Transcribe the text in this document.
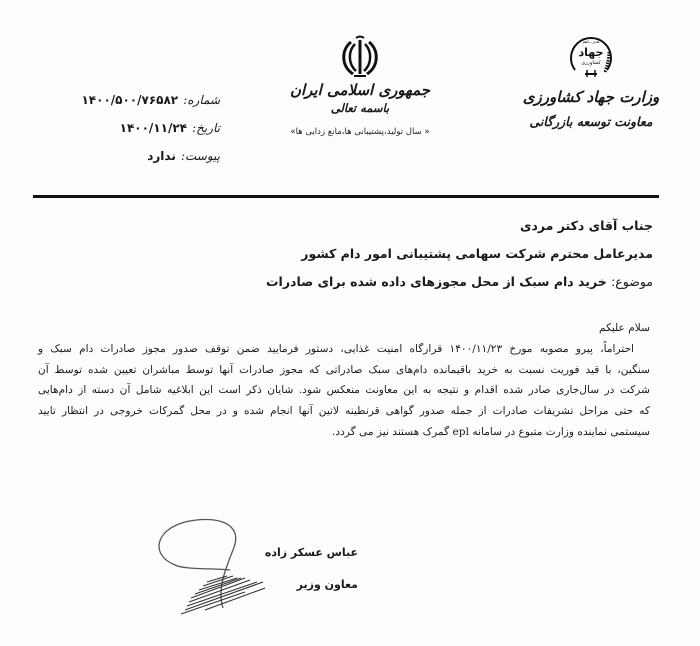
هدف باهم
جهاد
کشاورزی
وزارت جهاد کشاورزی
معاونت توسعه بازرگانی
جمهوری اسلامی ایران
باسمه تعالی
« سال تولید،پشتیبانی ها،مانع زدایی ها»
شماره: ۱۴۰۰/۵۰۰/۷۶۵۸۲
تاریخ: ۱۴۰۰/۱۱/۲۴
پیوست: ندارد
جناب آقای دکتر مردی
مدیرعامل محترم شرکت سهامی پشتیبانی امور دام کشور
موضوع: خرید دام سبک از محل مجوزهای داده شده برای صادرات
سلام علیکم
احتراماً، پیرو مصوبه مورخ ۱۴۰۰/۱۱/۲۳ قرارگاه امنیت غذایی، دستور فرمایید ضمن توقف صدور مجوز صادرات دام سبک و
سنگین، با قید فوریت نسبت به خرید باقیمانده دام‌های سبک صادراتی که مجوز صادرات آنها توسط مباشران تعیین شده توسط آن
شرکت در سال‌جاری صادر شده اقدام و نتیجه به این معاونت منعکس شود. شایان ذکر است این ابلاغیه شامل آن دسته از دام‌هایی
که حتی مراحل تشریفات صادرات از جمله صدور گواهی قرنطینه لاتین آنها انجام شده و در محل گمرکات خروجی در انتظار تایید
سیستمی نماینده وزارت متبوع در سامانه epl گمرک هستند نیز می گردد.
عباس عسکر زاده
معاون وزیر
